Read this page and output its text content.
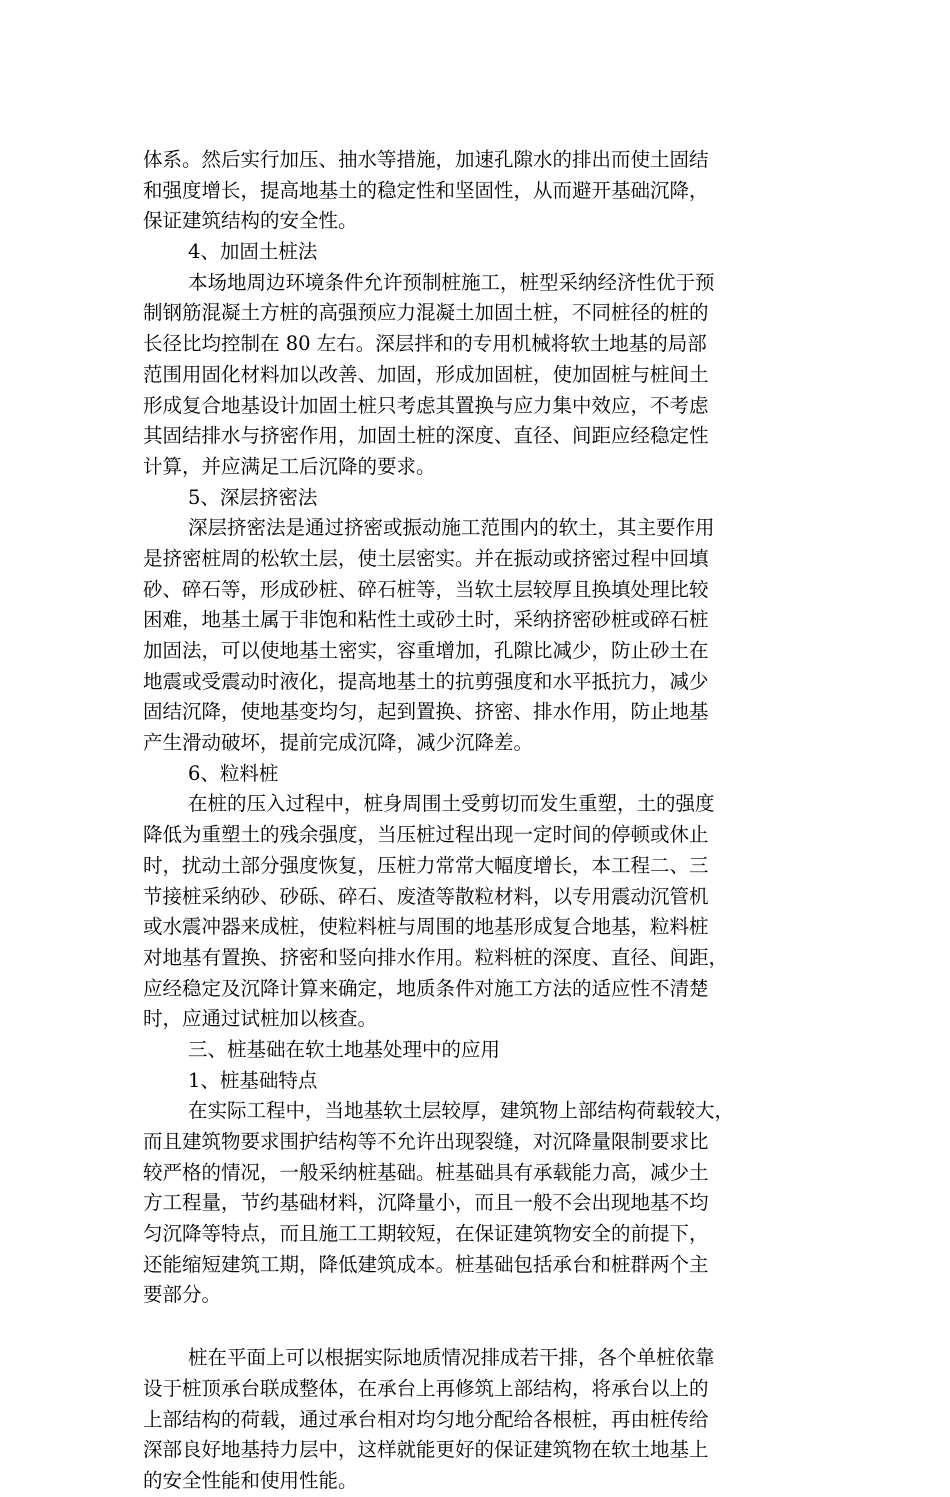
体系。然后实行加压、抽水等措施，加速孔隙水的排出而使土固结
和强度增长，提高地基土的稳定性和坚固性，从而避开基础沉降，
保证建筑结构的安全性。
4、加固土桩法
本场地周边环境条件允许预制桩施工，桩型采纳经济性优于预
制钢筋混凝土方桩的高强预应力混凝土加固土桩，不同桩径的桩的
长径比均控制在 80 左右。深层拌和的专用机械将软土地基的局部
范围用固化材料加以改善、加固，形成加固桩，使加固桩与桩间土
形成复合地基设计加固土桩只考虑其置换与应力集中效应，不考虑
其固结排水与挤密作用，加固土桩的深度、直径、间距应经稳定性
计算，并应满足工后沉降的要求。
5、深层挤密法
深层挤密法是通过挤密或振动施工范围内的软土，其主要作用
是挤密桩周的松软土层，使土层密实。并在振动或挤密过程中回填
砂、碎石等，形成砂桩、碎石桩等，当软土层较厚且换填处理比较
困难，地基土属于非饱和粘性土或砂土时，采纳挤密砂桩或碎石桩
加固法，可以使地基土密实，容重增加，孔隙比减少，防止砂土在
地震或受震动时液化，提高地基土的抗剪强度和水平抵抗力，减少
固结沉降，使地基变均匀，起到置换、挤密、排水作用，防止地基
产生滑动破坏，提前完成沉降，减少沉降差。
6、粒料桩
在桩的压入过程中，桩身周围土受剪切而发生重塑，土的强度
降低为重塑土的残余强度，当压桩过程出现一定时间的停顿或休止
时，扰动土部分强度恢复，压桩力常常大幅度增长，本工程二、三
节接桩采纳砂、砂砾、碎石、废渣等散粒材料，以专用震动沉管机
或水震冲器来成桩，使粒料桩与周围的地基形成复合地基，粒料桩
对地基有置换、挤密和竖向排水作用。粒料桩的深度、直径、间距，
应经稳定及沉降计算来确定，地质条件对施工方法的适应性不清楚
时，应通过试桩加以核查。
三、桩基础在软土地基处理中的应用
1、桩基础特点
在实际工程中，当地基软土层较厚，建筑物上部结构荷载较大，
而且建筑物要求围护结构等不允许出现裂缝，对沉降量限制要求比
较严格的情况，一般采纳桩基础。桩基础具有承载能力高，减少土
方工程量，节约基础材料，沉降量小，而且一般不会出现地基不均
匀沉降等特点，而且施工工期较短，在保证建筑物安全的前提下，
还能缩短建筑工期，降低建筑成本。桩基础包括承台和桩群两个主
要部分。
桩在平面上可以根据实际地质情况排成若干排，各个单桩依靠
设于桩顶承台联成整体，在承台上再修筑上部结构，将承台以上的
上部结构的荷载，通过承台相对均匀地分配给各根桩，再由桩传给
深部良好地基持力层中，这样就能更好的保证建筑物在软土地基上
的安全性能和使用性能。
